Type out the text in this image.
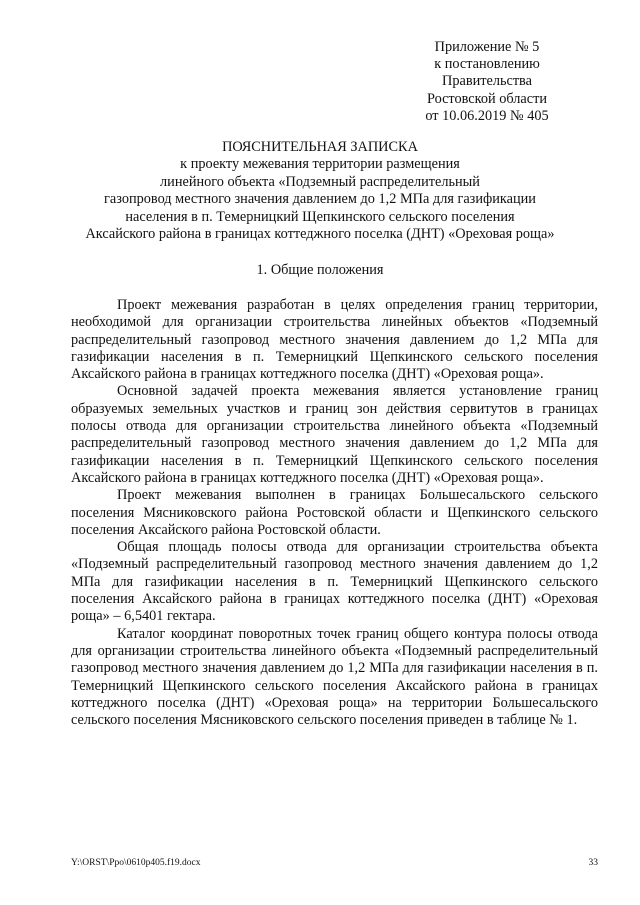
Приложение № 5
к постановлению
Правительства
Ростовской области
от 10.06.2019 № 405
ПОЯСНИТЕЛЬНАЯ ЗАПИСКА
к проекту межевания территории размещения
линейного объекта «Подземный распределительный
газопровод местного значения давлением до 1,2 МПа для газификации
населения в п. Темерницкий Щепкинского сельского поселения
Аксайского района в границах коттеджного поселка (ДНТ) «Ореховая роща»
1. Общие положения

Проект межевания разработан в целях определения границ территории, необходимой для организации строительства линейных объектов «Подземный распределительный газопровод местного значения давлением до 1,2 МПа для газификации населения в п. Темерницкий Щепкинского сельского поселения Аксайского района в границах коттеджного поселка (ДНТ) «Ореховая роща».

Основной задачей проекта межевания является установление границ образуемых земельных участков и границ зон действия сервитутов в границах полосы отвода для организации строительства линейного объекта «Подземный распределительный газопровод местного значения давлением до 1,2 МПа для газификации населения в п. Темерницкий Щепкинского сельского поселения Аксайского района в границах коттеджного поселка (ДНТ) «Ореховая роща».

Проект межевания выполнен в границах Большесальского сельского поселения Мясниковского района Ростовской области и Щепкинского сельского поселения Аксайского района Ростовской области.

Общая площадь полосы отвода для организации строительства объекта «Подземный распределительный газопровод местного значения давлением до 1,2 МПа для газификации населения в п. Темерницкий Щепкинского сельского поселения Аксайского района в границах коттеджного поселка (ДНТ) «Ореховая роща» – 6,5401 гектара.

Каталог координат поворотных точек границ общего контура полосы отвода для организации строительства линейного объекта «Подземный распределительный газопровод местного значения давлением до 1,2 МПа для газификации населения в п. Темерницкий Щепкинского сельского поселения Аксайского района в границах коттеджного поселка (ДНТ) «Ореховая роща» на территории Большесальского сельского поселения Мясниковского сельского поселения приведен в таблице № 1.

Y:\ORST\Ppo\0610p405.f19.docx	33
